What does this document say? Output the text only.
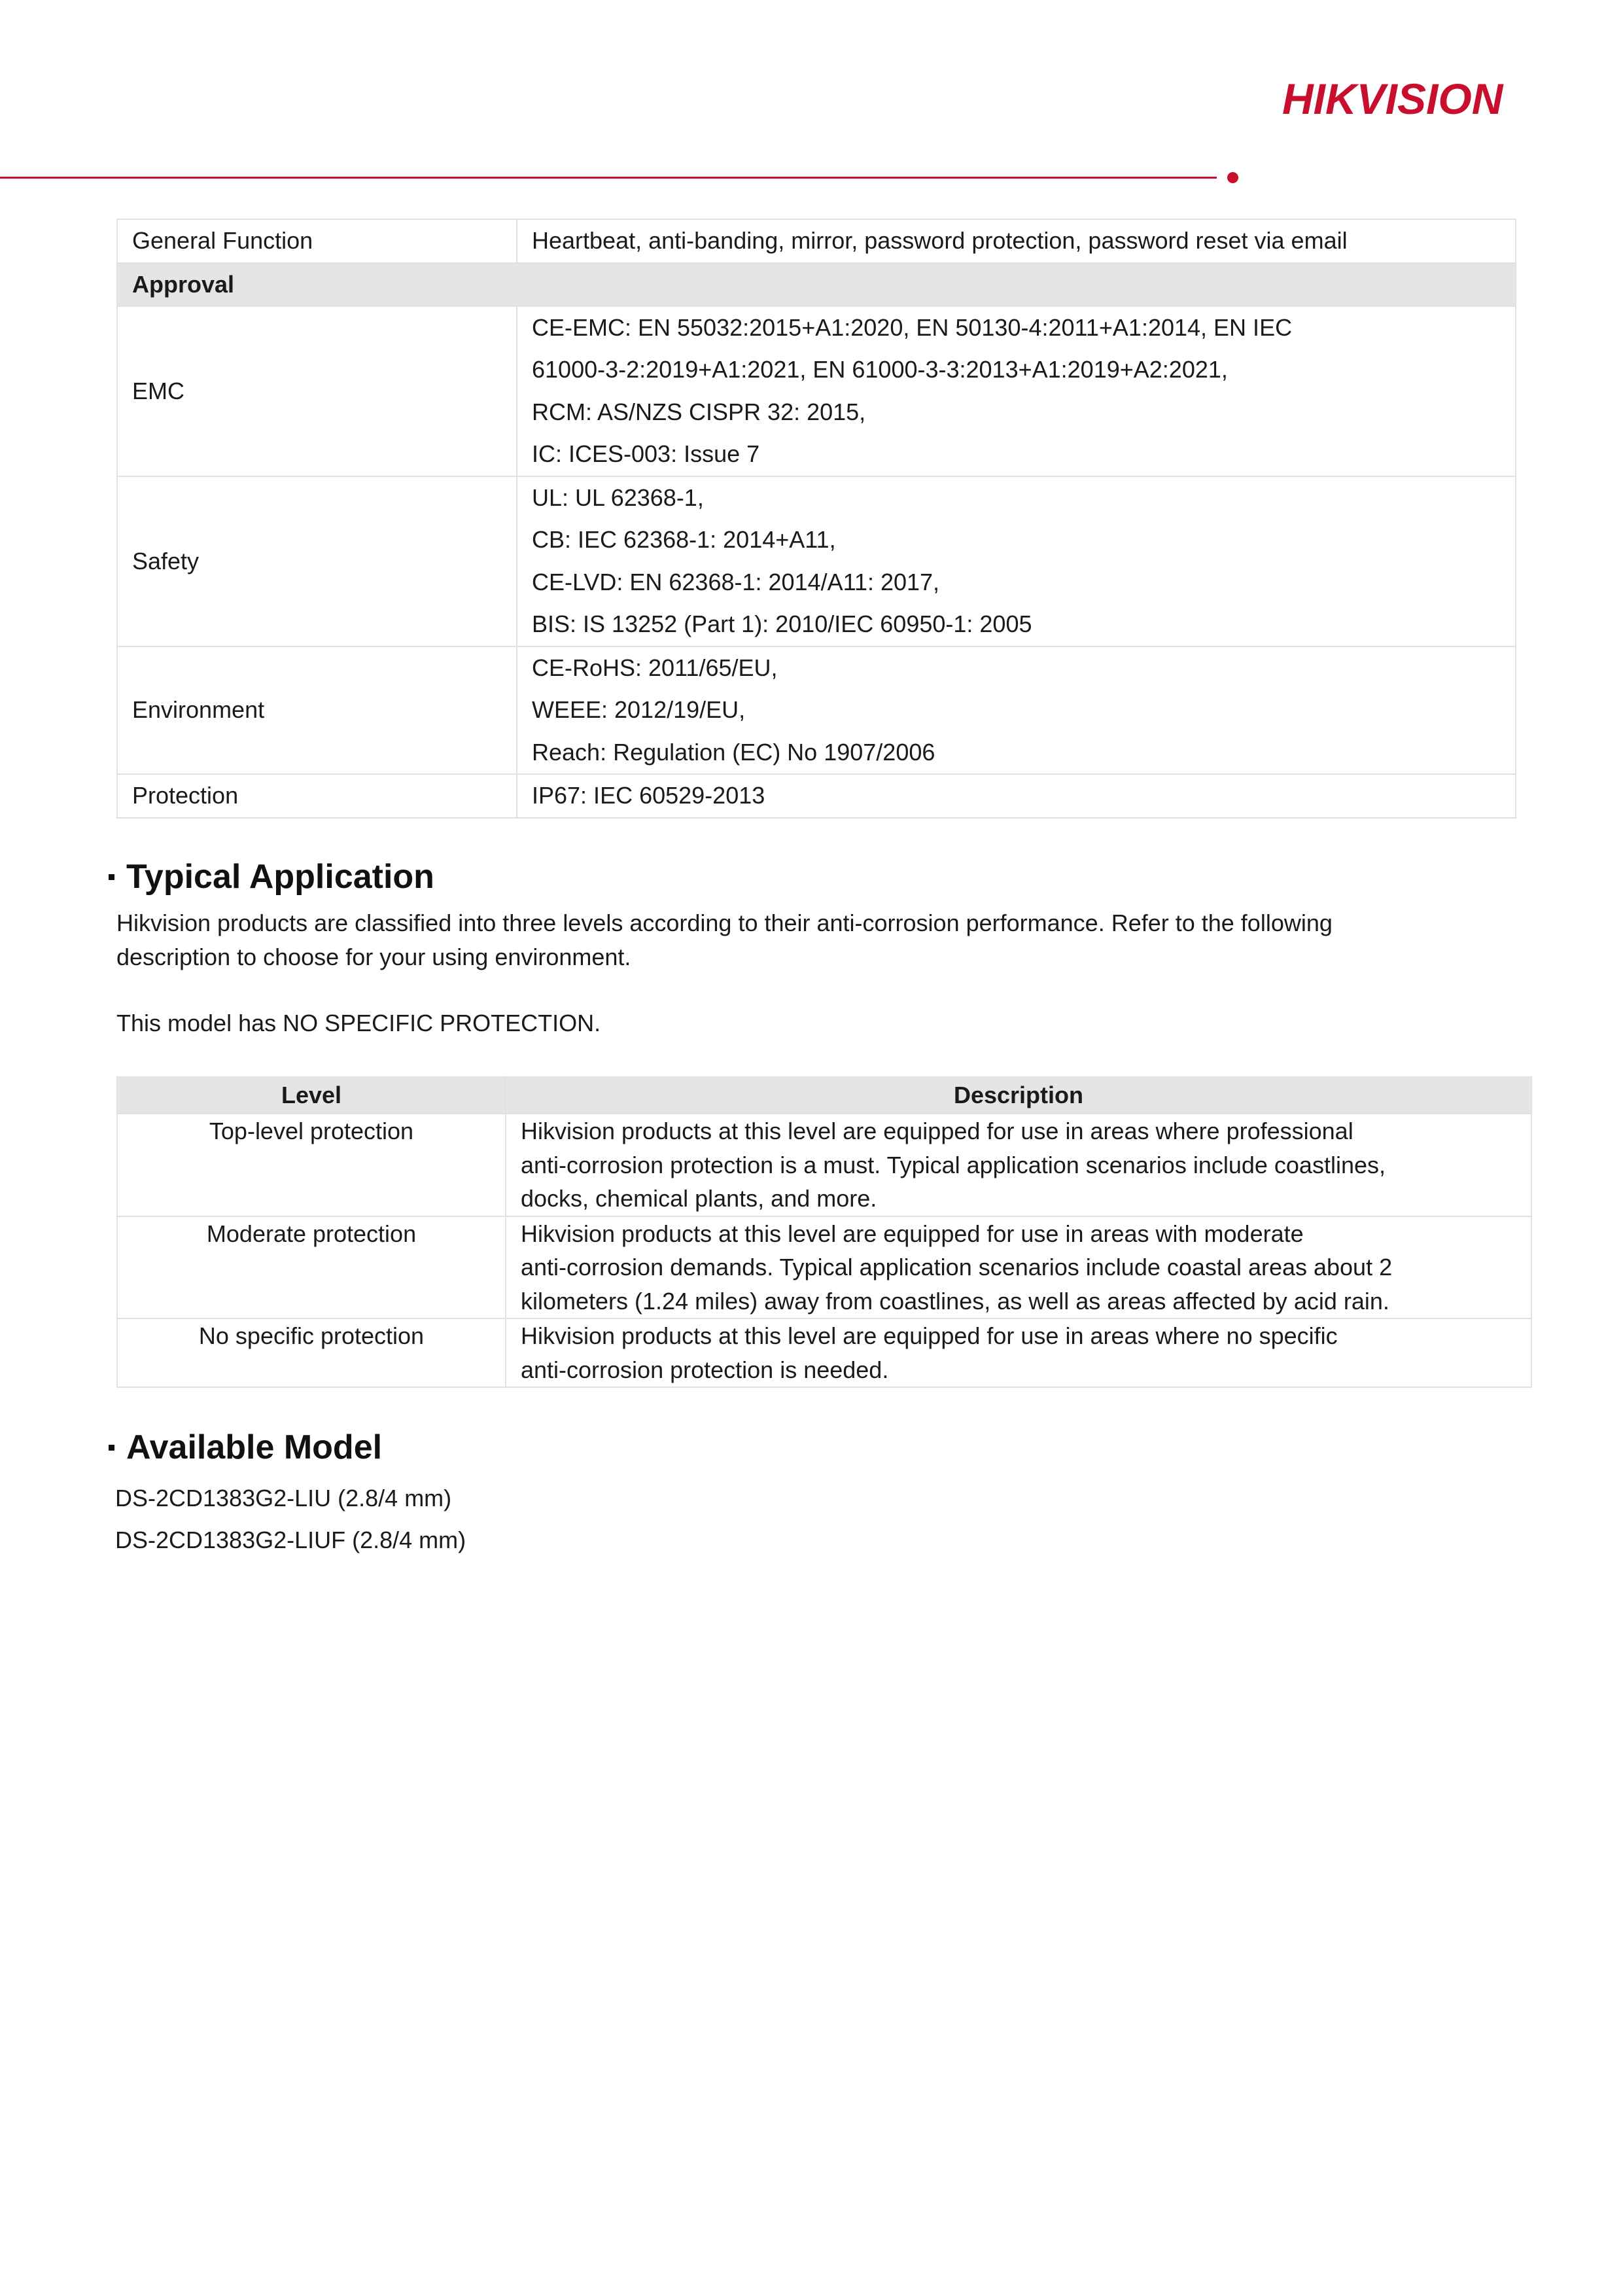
HIKVISION
General Function	Heartbeat, anti-banding, mirror, password protection, password reset via email
Approval	
EMC	CE-EMC: EN 55032:2015+A1:2020, EN 50130-4:2011+A1:2014, EN IEC
61000-3-2:2019+A1:2021, EN 61000-3-3:2013+A1:2019+A2:2021,
RCM: AS/NZS CISPR 32: 2015,
IC: ICES-003: Issue 7

Safety	UL: UL 62368-1,
CB: IEC 62368-1: 2014+A11,
CE-LVD: EN 62368-1: 2014/A11: 2017,
BIS: IS 13252 (Part 1): 2010/IEC 60950-1: 2005

Environment	CE-RoHS: 2011/65/EU,
WEEE: 2012/19/EU,
Reach: Regulation (EC) No 1907/2006

Protection	IP67: IEC 60529-2013
Typical Application

Hikvision products are classified into three levels according to their anti-corrosion performance. Refer to the following
description to choose for your using environment.

This model has NO SPECIFIC PROTECTION.

Level	Description

Top-level protection	Hikvision products at this level are equipped for use in areas where professional
anti-corrosion protection is a must. Typical application scenarios include coastlines,
docks, chemical plants, and more.

Moderate protection	Hikvision products at this level are equipped for use in areas with moderate
anti-corrosion demands. Typical application scenarios include coastal areas about 2
kilometers (1.24 miles) away from coastlines, as well as areas affected by acid rain.

No specific protection	Hikvision products at this level are equipped for use in areas where no specific
anti-corrosion protection is needed.
Available Model
DS-2CD1383G2-LIU (2.8/4 mm)
DS-2CD1383G2-LIUF (2.8/4 mm)
